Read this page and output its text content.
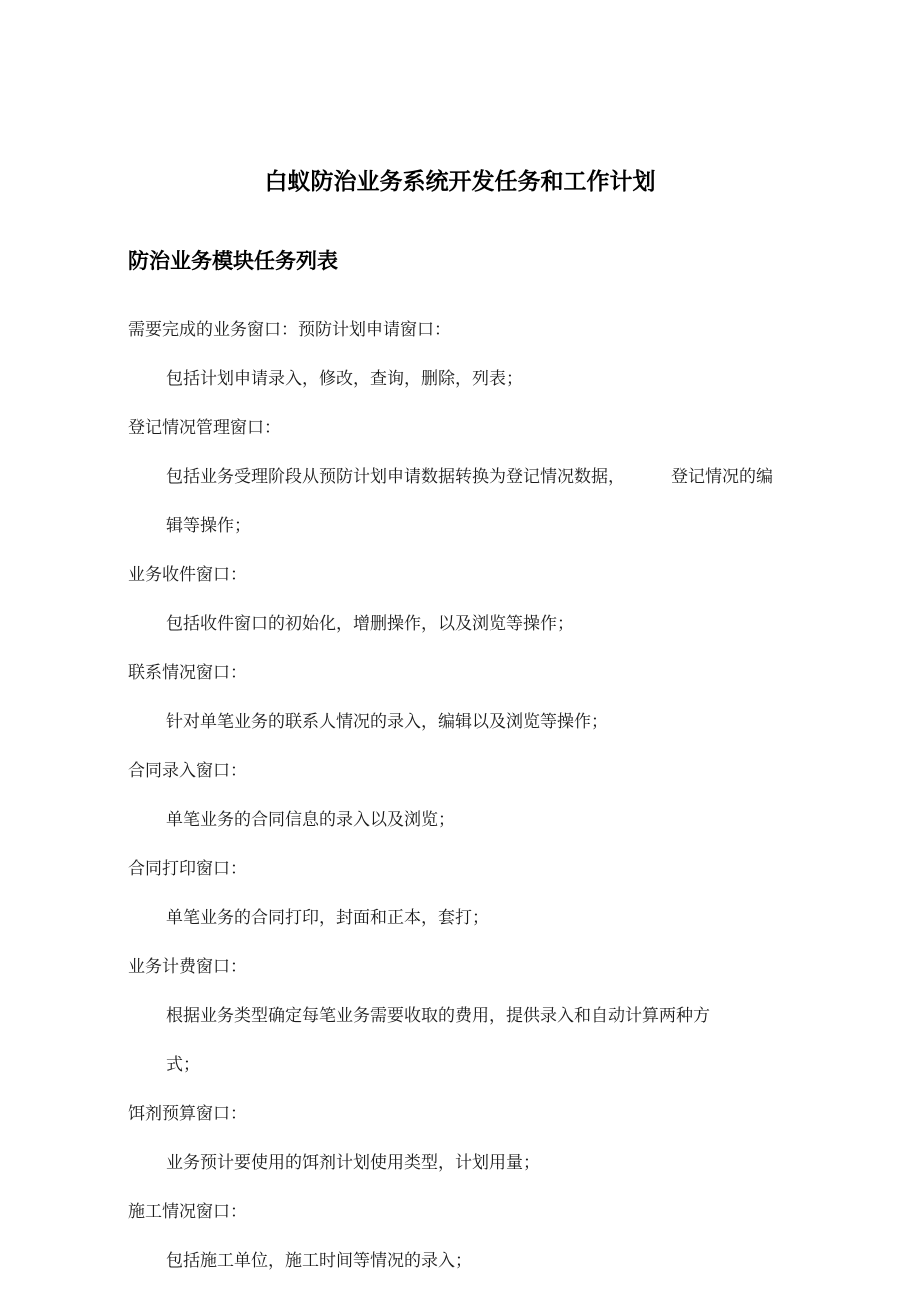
白蚁防治业务系统开发任务和工作计划
防治业务模块任务列表
需要完成的业务窗口：预防计划申请窗口：
包括计划申请录入，修改，查询，删除，列表；
登记情况管理窗口：
包括业务受理阶段从预防计划申请数据转换为登记情况数据，	登记情况的编
辑等操作；
业务收件窗口：
包括收件窗口的初始化，增删操作，以及浏览等操作；
联系情况窗口：
针对单笔业务的联系人情况的录入，编辑以及浏览等操作；
合同录入窗口：
单笔业务的合同信息的录入以及浏览；
合同打印窗口：
单笔业务的合同打印，封面和正本，套打；
业务计费窗口：
根据业务类型确定每笔业务需要收取的费用，提供录入和自动计算两种方
式；
饵剂预算窗口：
业务预计要使用的饵剂计划使用类型，计划用量；
施工情况窗口：
包括施工单位，施工时间等情况的录入；
